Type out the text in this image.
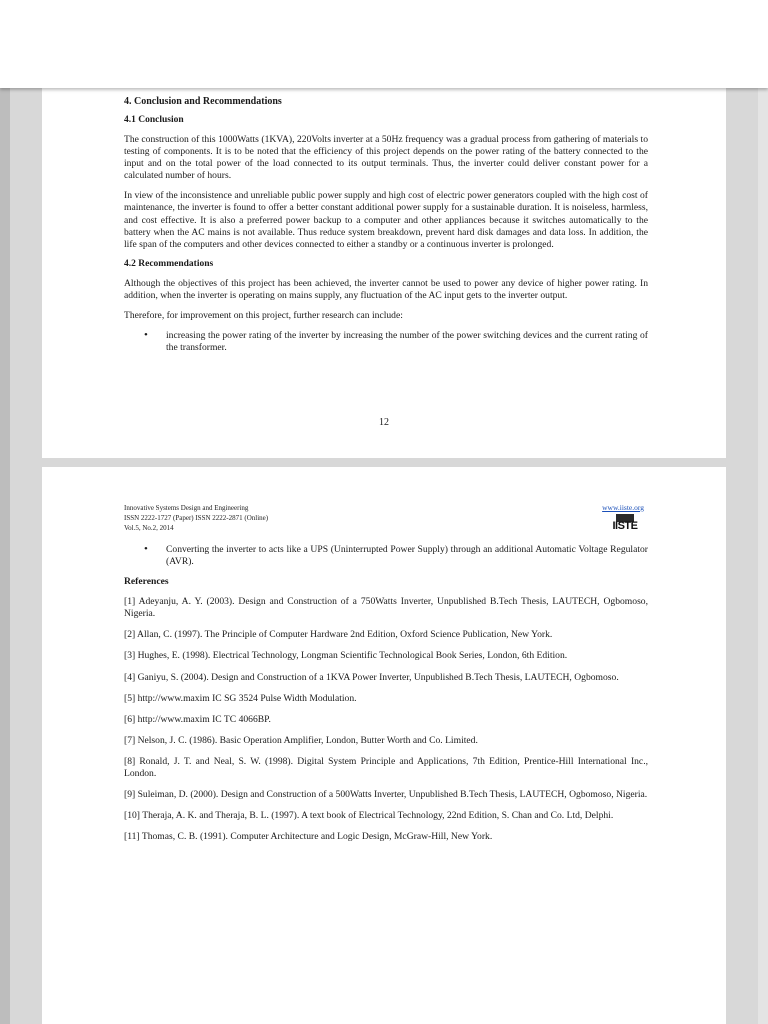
4. Conclusion and Recommendations
4.1 Conclusion

The construction of this 1000Watts (1KVA), 220Volts inverter at a 50Hz frequency was a gradual process from gathering of materials to testing of components. It is to be noted that the efficiency of this project depends on the power rating of the battery connected to the input and on the total power of the load connected to its output terminals. Thus, the inverter could deliver constant power for a calculated number of hours.

In view of the inconsistence and unreliable public power supply and high cost of electric power generators coupled with the high cost of maintenance, the inverter is found to offer a better constant additional power supply for a sustainable duration. It is noiseless, harmless, and cost effective. It is also a preferred power backup to a computer and other appliances because it switches automatically to the battery when the AC mains is not available. Thus reduce system breakdown, prevent hard disk damages and data loss. In addition, the life span of the computers and other devices connected to either a standby or a continuous inverter is prolonged.

4.2 Recommendations

Although the objectives of this project has been achieved, the inverter cannot be used to power any device of higher power rating. In addition, when the inverter is operating on mains supply, any fluctuation of the AC input gets to the inverter output.

Therefore, for improvement on this project, further research can include:

• increasing the power rating of the inverter by increasing the number of the power switching devices and the current rating of the transformer.
12
Innovative Systems Design and Engineering
ISSN 2222-1727 (Paper) ISSN 2222-2871 (Online)
Vol.5, No.2, 2014
www.iiste.org
IISTE
• Converting the inverter to acts like a UPS (Uninterrupted Power Supply) through an additional Automatic Voltage Regulator (AVR).
References

[1] Adeyanju, A. Y. (2003). Design and Construction of a 750Watts Inverter, Unpublished B.Tech Thesis, LAUTECH, Ogbomoso, Nigeria.

[2] Allan, C. (1997). The Principle of Computer Hardware 2nd Edition, Oxford Science Publication, New York.

[3] Hughes, E. (1998). Electrical Technology, Longman Scientific Technological Book Series, London, 6th Edition.

[4] Ganiyu, S. (2004). Design and Construction of a 1KVA Power Inverter, Unpublished B.Tech Thesis, LAUTECH, Ogbomoso.

[5] http://www.maxim IC SG 3524 Pulse Width Modulation.

[6] http://www.maxim IC TC 4066BP.

[7] Nelson, J. C. (1986). Basic Operation Amplifier, London, Butter Worth and Co. Limited.

[8] Ronald, J. T. and Neal, S. W. (1998). Digital System Principle and Applications, 7th Edition, Prentice-Hill International Inc., London.

[9] Suleiman, D. (2000). Design and Construction of a 500Watts Inverter, Unpublished B.Tech Thesis, LAUTECH, Ogbomoso, Nigeria.

[10] Theraja, A. K. and Theraja, B. L. (1997). A text book of Electrical Technology, 22nd Edition, S. Chan and Co. Ltd, Delphi.

[11] Thomas, C. B. (1991). Computer Architecture and Logic Design, McGraw-Hill, New York.
